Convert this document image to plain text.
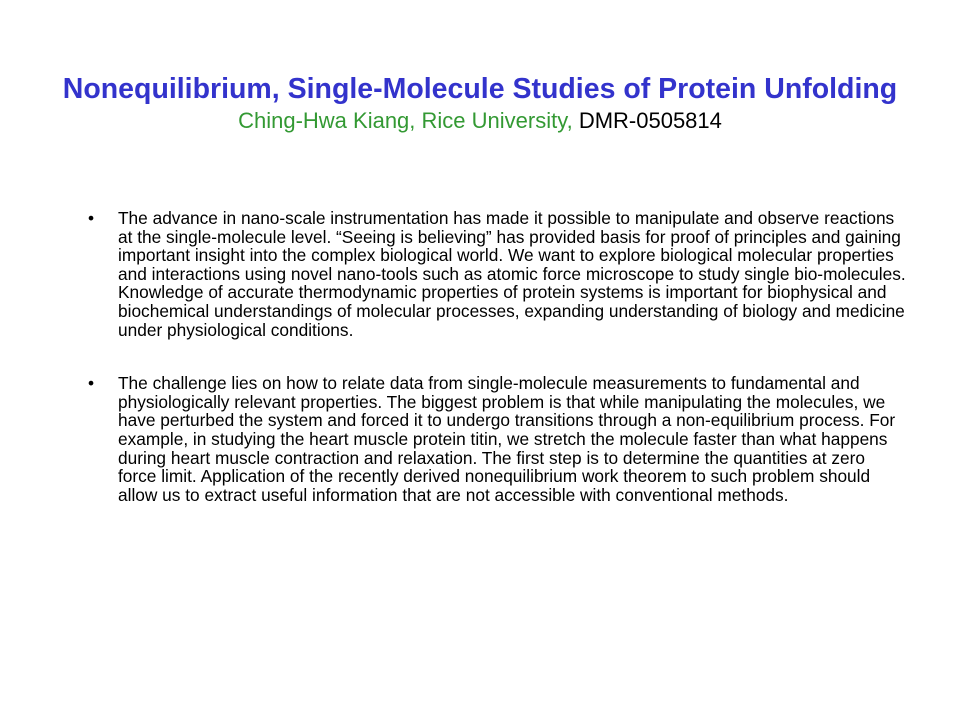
Nonequilibrium, Single-Molecule Studies of Protein Unfolding
Ching-Hwa Kiang, Rice University, DMR-0505814
• The advance in nano-scale instrumentation has made it possible to manipulate and observe reactions at the single-molecule level. “Seeing is believing” has provided basis for proof of principles and gaining important insight into the complex biological world. We want to explore biological molecular properties and interactions using novel nano-tools such as atomic force microscope to study single bio-molecules. Knowledge of accurate thermodynamic properties of protein systems is important for biophysical and biochemical understandings of molecular processes, expanding understanding of biology and medicine under physiological conditions.
• The challenge lies on how to relate data from single-molecule measurements to fundamental and physiologically relevant properties. The biggest problem is that while manipulating the molecules, we have perturbed the system and forced it to undergo transitions through a non-equilibrium process. For example, in studying the heart muscle protein titin, we stretch the molecule faster than what happens during heart muscle contraction and relaxation. The first step is to determine the quantities at zero force limit. Application of the recently derived nonequilibrium work theorem to such problem should allow us to extract useful information that are not accessible with conventional methods.
